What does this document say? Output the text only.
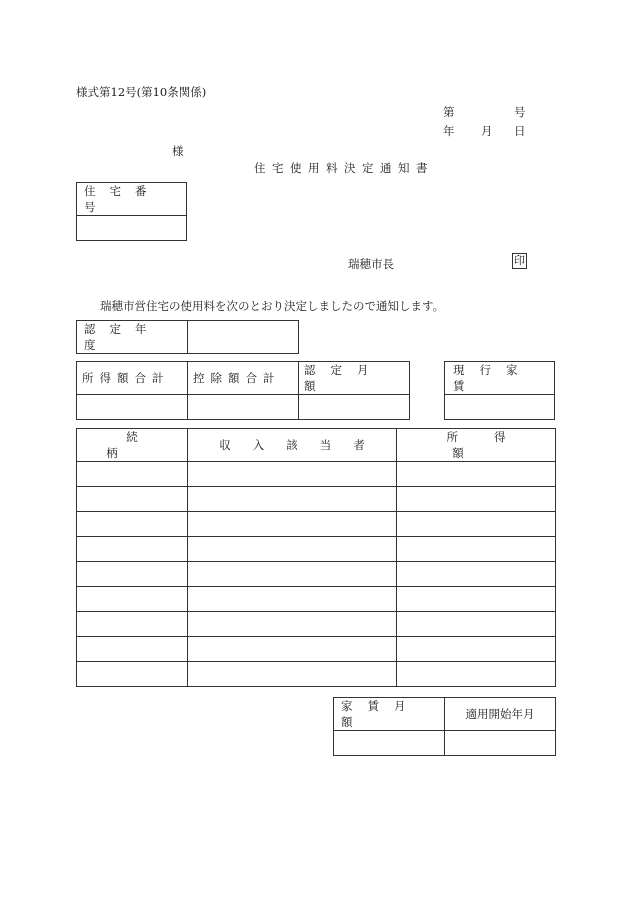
様式第12号(第10条関係)
第	号
年 月 日
様
住宅使用料決定通知書
住宅番号

瑞穂市長	印
瑞穂市営住宅の使用料を次のとおり決定しましたので通知します。
認定年度

所得額合計	控除額合計	認定月額

現行家賃

続柄	収入該当者	所得額

家賃月額	適用開始年月
